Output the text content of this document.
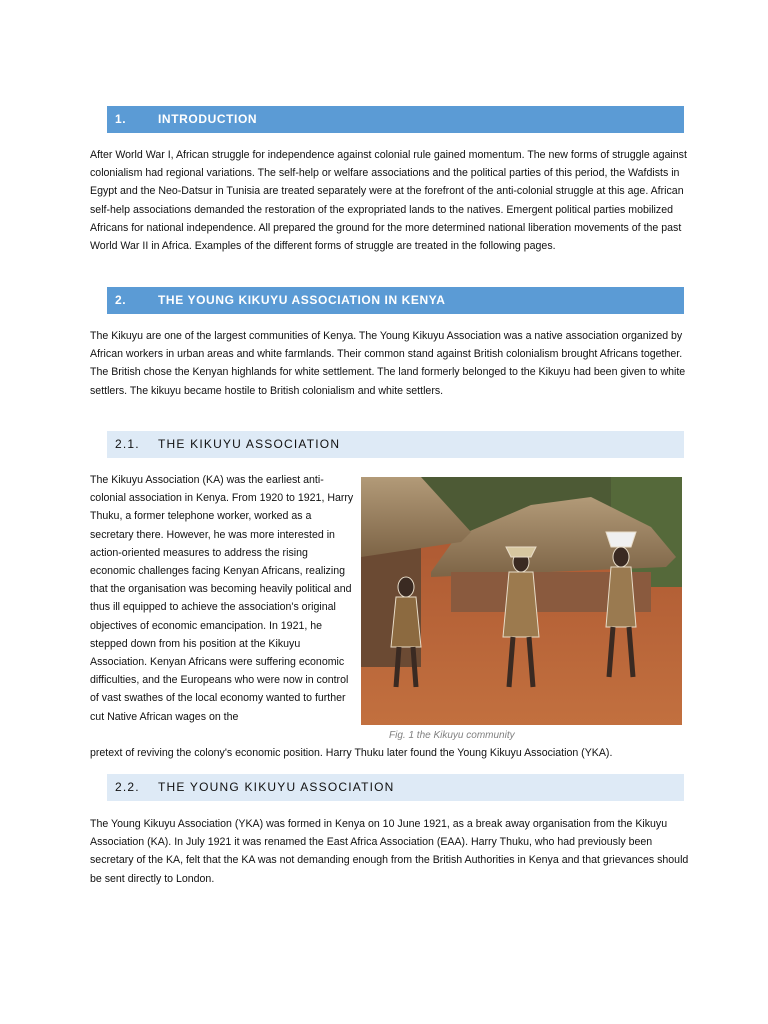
1.	INTRODUCTION

After World War I, African struggle for independence against colonial rule gained momentum. The new forms of struggle against colonialism had regional variations. The self-help or welfare associations and the political parties of this period, the Wafdists in Egypt and the Neo-Datsur in Tunisia are treated separately were at the forefront of the anti-colonial struggle at this age. African self-help associations demanded the restoration of the expropriated lands to the natives. Emergent political parties mobilized Africans for national independence. All prepared the ground for the more determined national liberation movements of the past World War II in Africa. Examples of the different forms of struggle are treated in the following pages.

2.	THE YOUNG KIKUYU ASSOCIATION IN KENYA

The Kikuyu are one of the largest communities of Kenya. The Young Kikuyu Association was a native association organized by African workers in urban areas and white farmlands. Their common stand against British colonialism brought Africans together. The British chose the Kenyan highlands for white settlement. The land formerly belonged to the Kikuyu had been given to white settlers. The kikuyu became hostile to British colonialism and white settlers.

2.1. THE KIKUYU ASSOCIATION

The Kikuyu Association (KA) was the earliest anti-colonial association in Kenya. From 1920 to 1921, Harry Thuku, a former telephone worker, worked as a secretary there. However, he was more interested in action-oriented measures to address the rising economic challenges facing Kenyan Africans, realizing that the organisation was becoming heavily political and thus ill equipped to achieve the association's original objectives of economic emancipation. In 1921, he stepped down from his position at the Kikuyu Association. Kenyan Africans were suffering economic difficulties, and the Europeans who were now in control of vast swathes of the local economy wanted to further cut Native African wages on the

pretext of reviving the colony's economic position. Harry Thuku later found the Young Kikuyu Association (YKA).

Fig. 1 the Kikuyu community
2.2. THE YOUNG KIKUYU ASSOCIATION

The Young Kikuyu Association (YKA) was formed in Kenya on 10 June 1921, as a break away organisation from the Kikuyu Association (KA). In July 1921 it was renamed the East Africa Association (EAA). Harry Thuku, who had previously been secretary of the KA, felt that the KA was not demanding enough from the British Authorities in Kenya and that grievances should be sent directly to London.
